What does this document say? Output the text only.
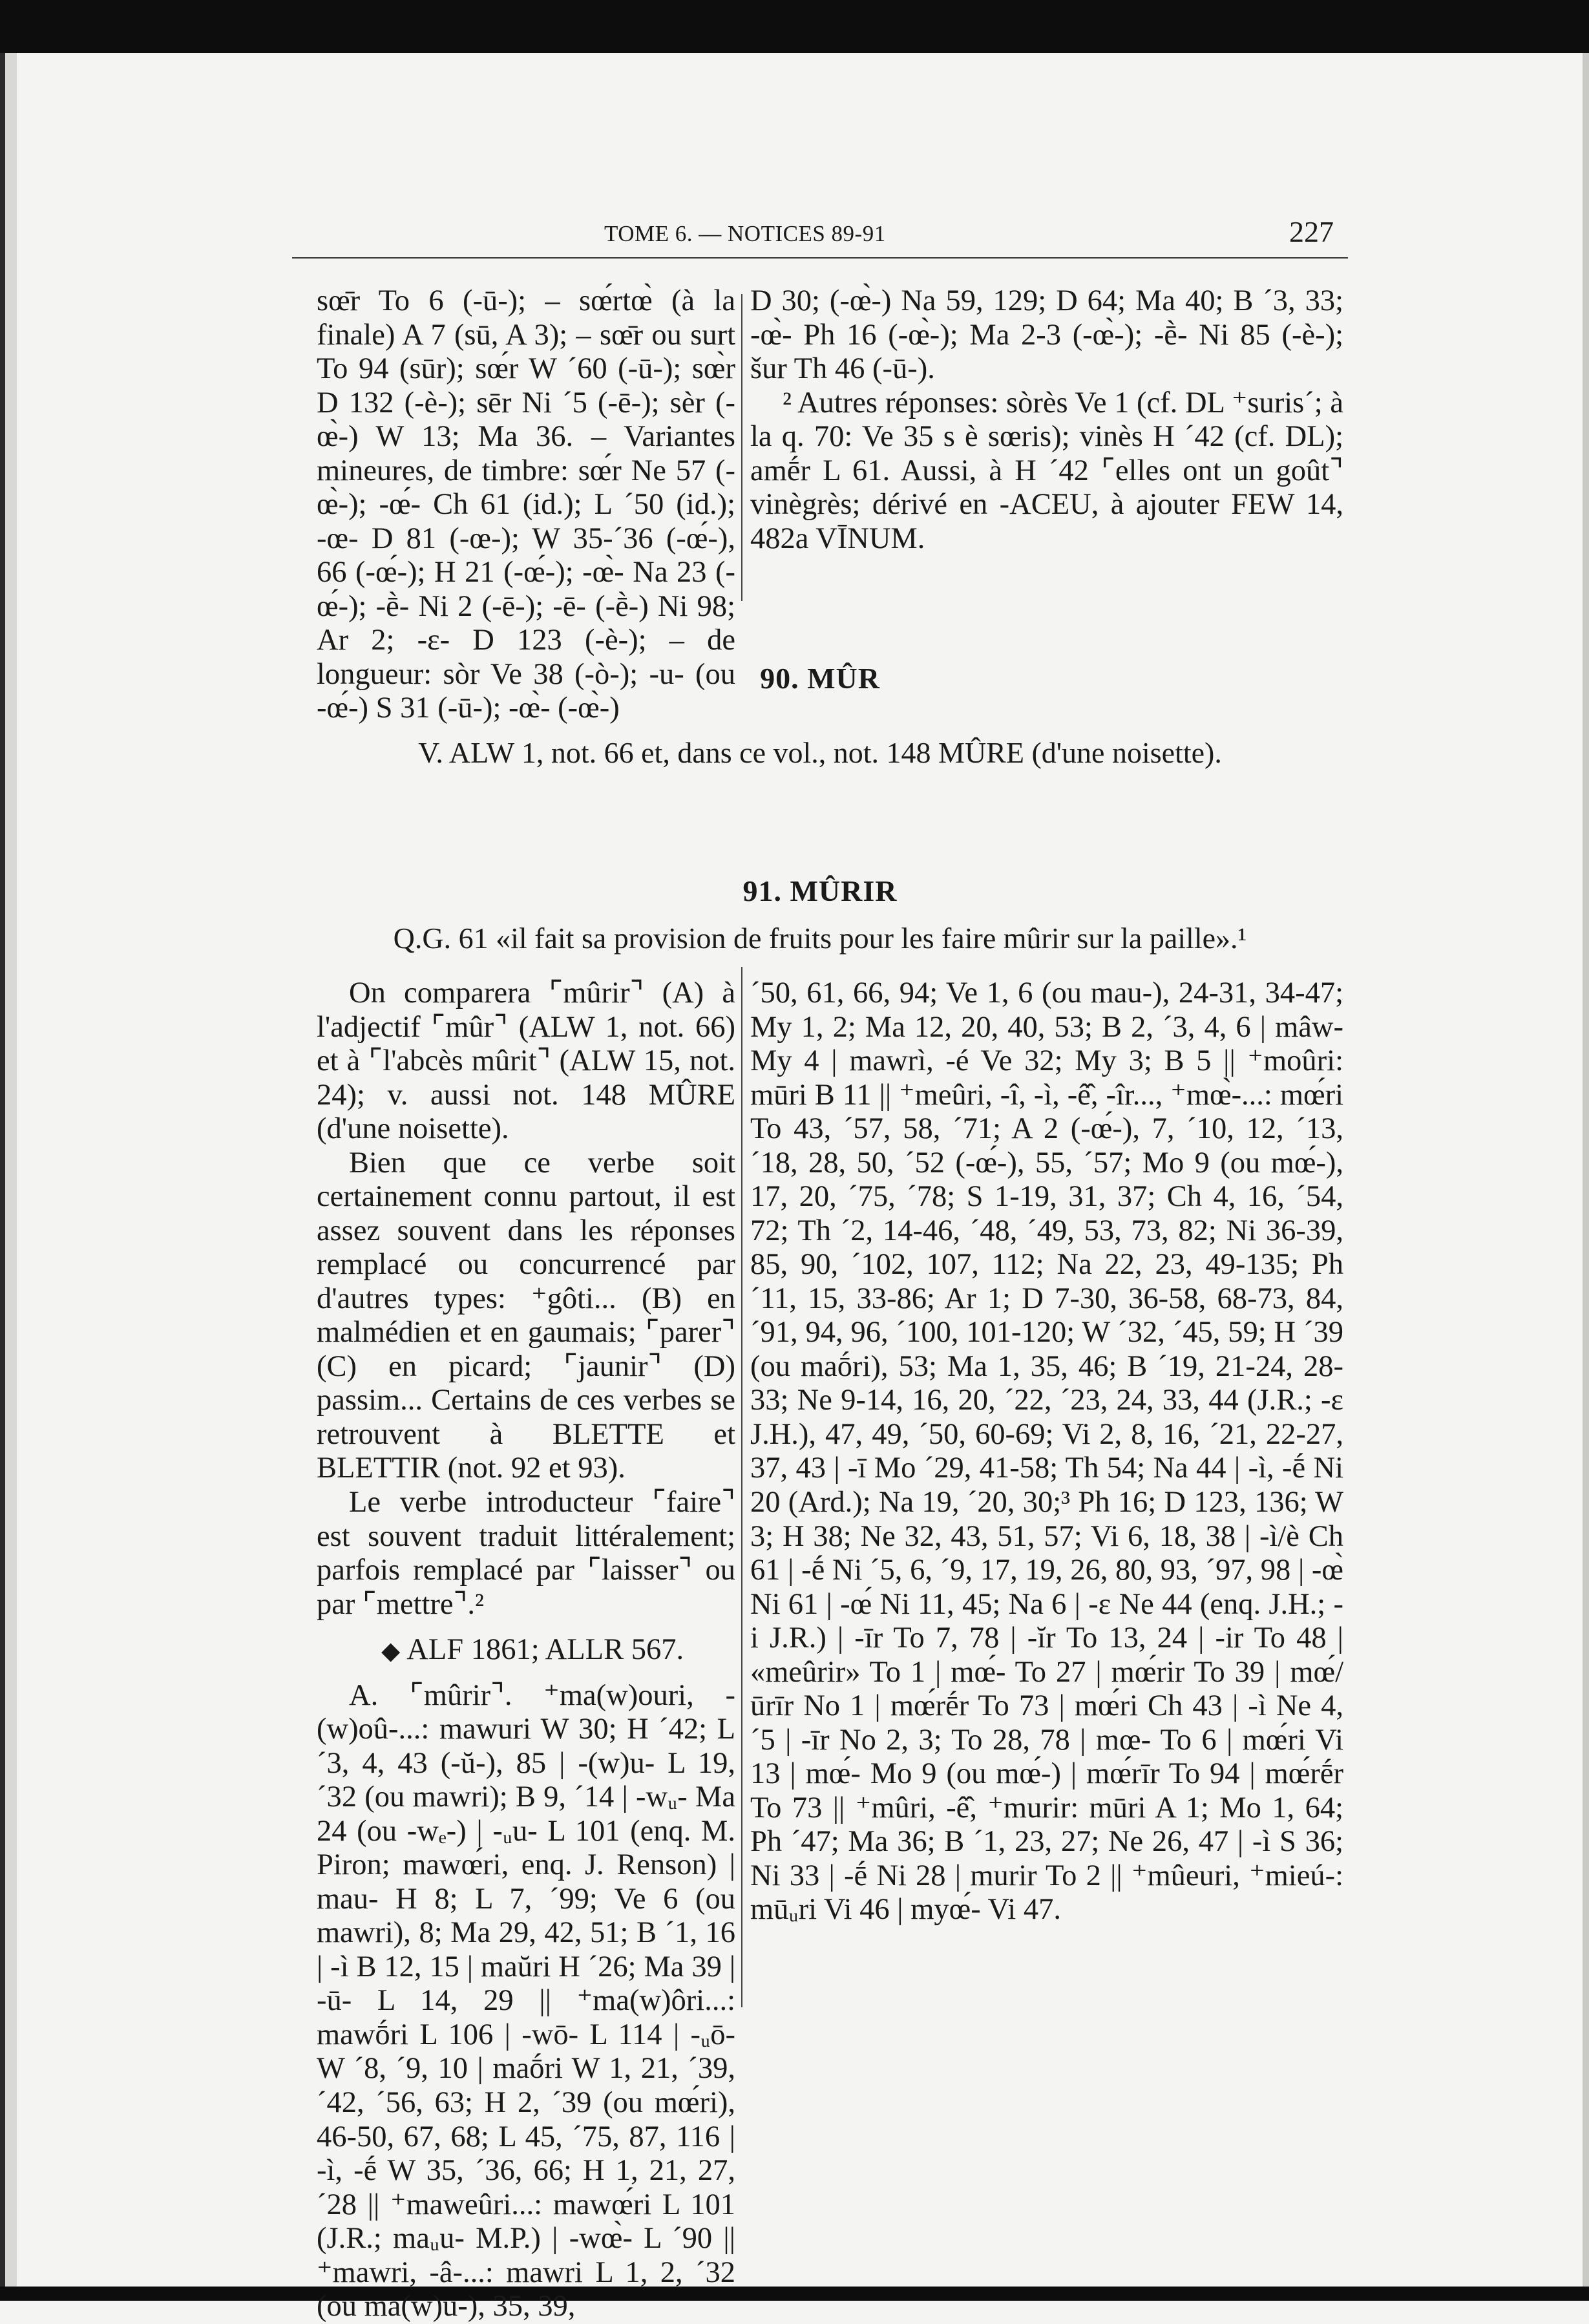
TOME 6. — NOTICES 89-91	227

sœ̄r To 6 (-ū-); – sœ́rtœ̀ (à la finale) A 7 (sū, A 3); – sœ̄r ou surt To 94 (sūr); sœ́r W ´60 (-ū-); sœ̀r D 132 (-è-); sēr Ni ´5 (-ē-); sèr (-œ̀-) W 13; Ma 36. – Variantes mineures, de timbre: sœ́r Ne 57 (-œ̀-); -œ́- Ch 61 (id.); L ´50 (id.); -œ- D 81 (-œ-); W 35-´36 (-œ́-), 66 (-œ́-); H 21 (-œ́-); -œ̀- Na 23 (-œ́-); -ḕ- Ni 2 (-ē-); -ē- (-ḕ-) Ni 98; Ar 2; -ε- D 123 (-è-); – de longueur: sòr Ve 38 (-ò-); -u- (ou -œ́-) S 31 (-ū-); -œ̀- (-œ̀-)

D 30; (-œ̀-) Na 59, 129; D 64; Ma 40; B ´3, 33; -œ̀- Ph 16 (-œ̀-); Ma 2-3 (-œ̀-); -ḕ- Ni 85 (-è-); šur Th 46 (-ū-).

² Autres réponses: sòrès Ve 1 (cf. DL ⁺suris´; à la q. 70: Ve 35 s è sœris); vinès H ´42 (cf. DL); amḗr L 61. Aussi, à H ´42 ⌜elles ont un goût⌝ vinègrès; dérivé en -ACEU, à ajouter FEW 14, 482a VĪNUM.

90. MÛR
V. ALW 1, not. 66 et, dans ce vol., not. 148 MÛRE (d'une noisette).
91. MÛRIR
Q.G. 61 «il fait sa provision de fruits pour les faire mûrir sur la paille».¹

On comparera ⌜mûrir⌝ (A) à l'adjectif ⌜mûr⌝ (ALW 1, not. 66) et à ⌜l'abcès mûrit⌝ (ALW 15, not. 24); v. aussi not. 148 MÛRE (d'une noisette).

Bien que ce verbe soit certainement connu partout, il est assez souvent dans les réponses remplacé ou concurrencé par d'autres types: ⁺gôti... (B) en malmédien et en gaumais; ⌜parer⌝ (C) en picard; ⌜jaunir⌝ (D) passim... Certains de ces verbes se retrouvent à BLETTE et BLETTIR (not. 92 et 93).

Le verbe introducteur ⌜faire⌝ est souvent traduit littéralement; parfois remplacé par ⌜laisser⌝ ou par ⌜mettre⌝.²

◆ ALF 1861; ALLR 567.

A. ⌜mûrir⌝. ⁺ma(w)ouri, -(w)oû-...: mawuri W 30; H ´42; L ´3, 4, 43 (-ŭ-), 85 | -(w)u- L 19, ´32 (ou mawri); B 9, ´14 | -wᵤ- Ma 24 (ou -wₑ-) | -ᵤu- L 101 (enq. M. Piron; mawœ́ri, enq. J. Renson) | mau- H 8; L 7, ´99; Ve 6 (ou mawri), 8; Ma 29, 42, 51; B ´1, 16 | -ì B 12, 15 | maŭri H ´26; Ma 39 | -ū- L 14, 29 || ⁺ma(w)ôri...: mawṓri L 106 | -wō- L 114 | -ᵤō- W ´8, ´9, 10 | maṓri W 1, 21, ´39, ´42, ´56, 63; H 2, ´39 (ou mœ́ri), 46-50, 67, 68; L 45, ´75, 87, 116 | -ì, -ḗ W 35, ´36, 66; H 1, 21, 27, ´28 || ⁺maweûri...: mawœ́ri L 101 (J.R.; maᵤu- M.P.) | -wœ̀- L ´90 || ⁺mawri, -â-...: mawri L 1, 2, ´32 (ou ma(w)u-), 35, 39,

´50, 61, 66, 94; Ve 1, 6 (ou mau-), 24-31, 34-47; My 1, 2; Ma 12, 20, 40, 53; B 2, ´3, 4, 6 | mâw- My 4 | mawrì, -é Ve 32; My 3; B 5 || ⁺moûri: mūri B 11 || ⁺meûri, -î, -ì, -ê̂, -îr..., ⁺mœ̀-...: mœ́ri To 43, ´57, 58, ´71; A 2 (-œ́-), 7, ´10, 12, ´13, ´18, 28, 50, ´52 (-œ́-), 55, ´57; Mo 9 (ou mœ́-), 17, 20, ´75, ´78; S 1-19, 31, 37; Ch 4, 16, ´54, 72; Th ´2, 14-46, ´48, ´49, 53, 73, 82; Ni 36-39, 85, 90, ´102, 107, 112; Na 22, 23, 49-135; Ph ´11, 15, 33-86; Ar 1; D 7-30, 36-58, 68-73, 84, ´91, 94, 96, ´100, 101-120; W ´32, ´45, 59; H ´39 (ou maṓri), 53; Ma 1, 35, 46; B ´19, 21-24, 28-33; Ne 9-14, 16, 20, ´22, ´23, 24, 33, 44 (J.R.; -ε J.H.), 47, 49, ´50, 60-69; Vi 2, 8, 16, ´21, 22-27, 37, 43 | -ī Mo ´29, 41-58; Th 54; Na 44 | -ì, -ḗ Ni 20 (Ard.); Na 19, ´20, 30;³ Ph 16; D 123, 136; W 3; H 38; Ne 32, 43, 51, 57; Vi 6, 18, 38 | -ì/è Ch 61 | -ḗ Ni ´5, 6, ´9, 17, 19, 26, 80, 93, ´97, 98 | -œ̀ Ni 61 | -œ́ Ni 11, 45; Na 6 | -ε Ne 44 (enq. J.H.; -i J.R.) | -īr To 7, 78 | -ĭr To 13, 24 | -ir To 48 | «meûrir» To 1 | mœ́- To 27 | mœ́rir To 39 | mœ́/ūrīr No 1 | mœ́rḗr To 73 | mœ́ri Ch 43 | -ì Ne 4, ´5 | -īr No 2, 3; To 28, 78 | mœ- To 6 | mœ́ri Vi 13 | mœ́- Mo 9 (ou mœ́-) | mœ́rīr To 94 | mœ́rḗr To 73 || ⁺mûri, -ê̂, ⁺murir: mūri A 1; Mo 1, 64; Ph ´47; Ma 36; B ´1, 23, 27; Ne 26, 47 | -ì S 36; Ni 33 | -ḗ Ni 28 | murir To 2 || ⁺mûeuri, ⁺mieú-: mūᵤri Vi 46 | myœ́- Vi 47.
